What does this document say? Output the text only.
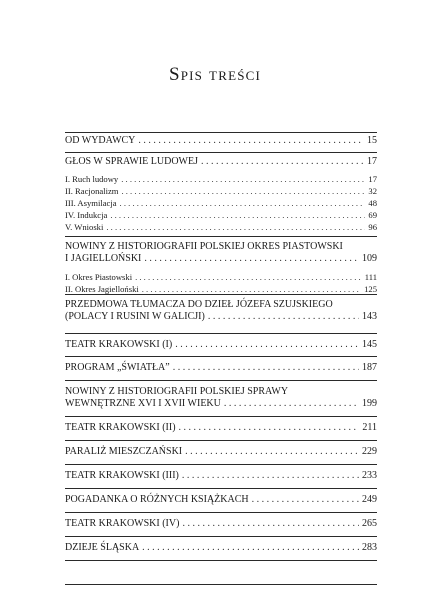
Spis treści
OD WYDAWCY . . .	15
GŁOS W SPRAWIE LUDOWEJ . . .	17
I. Ruch ludowy . . .	17
II. Racjonalizm . . .	32
III. Asymilacja . . .	48
IV. Indukcja . . .	69
V. Wnioski . . .	96
NOWINY Z HISTORIOGRAFII POLSKIEJ OKRES PIASTOWSKI
I JAGIELLOŃSKI . . .	109
I. Okres Piastowski . . .	111
II. Okres Jagielloński . . .	125
PRZEDMOWA TŁUMACZA DO DZIEŁ JÓZEFA SZUJSKIEGO
(POLACY I RUSINI W GALICJI) . . .	143
TEATR KRAKOWSKI (I) . . .	145
PROGRAM „ŚWIATŁA” . . .	187
NOWINY Z HISTORIOGRAFII POLSKIEJ SPRAWY
WEWNĘTRZNE XVI I XVII WIEKU . . .	199
TEATR KRAKOWSKI (II) . . .	211
PARALIŻ MIESZCZAŃSKI . . .	229
TEATR KRAKOWSKI (III) . . .	233
POGADANKA O RÓŻNYCH KSIĄŻKACH . . .	249
TEATR KRAKOWSKI (IV) . . .	265
DZIEJE ŚLĄSKA . . .	283
